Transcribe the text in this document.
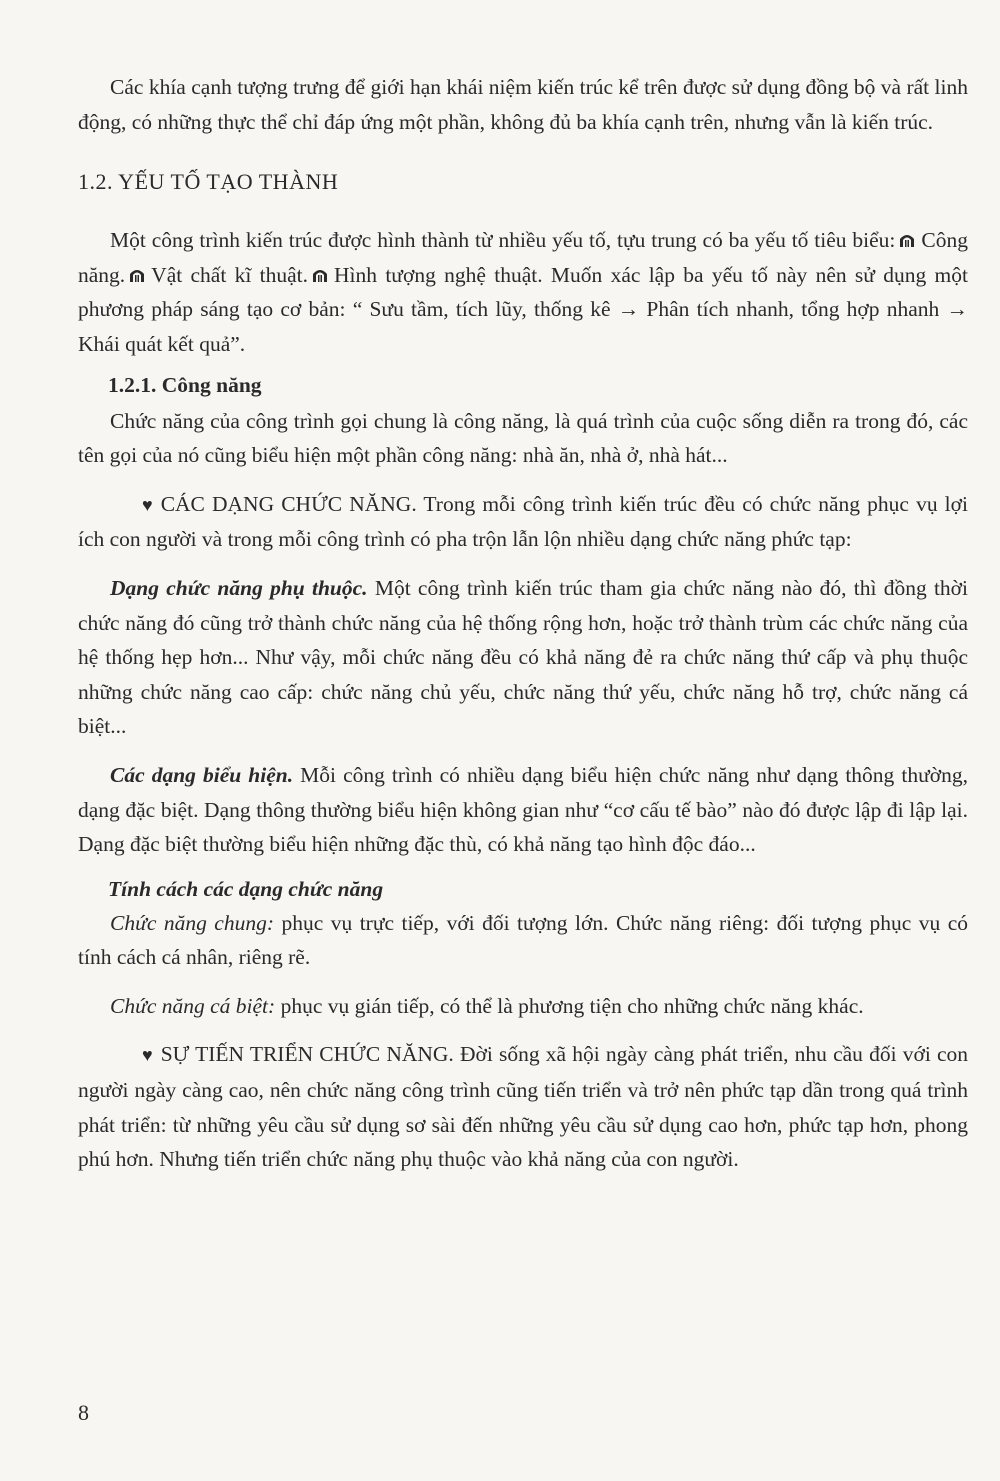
Các khía cạnh tượng trưng để giới hạn khái niệm kiến trúc kể trên được sử dụng đồng bộ và rất linh động, có những thực thể chỉ đáp ứng một phần, không đủ ba khía cạnh trên, nhưng vẫn là kiến trúc.

1.2. YẾU TỐ TẠO THÀNH

Một công trình kiến trúc được hình thành từ nhiều yếu tố, tựu trung có ba yếu tố tiêu biểu: Công năng. Vật chất kĩ thuật. Hình tượng nghệ thuật. Muốn xác lập ba yếu tố này nên sử dụng một phương pháp sáng tạo cơ bản: “ Sưu tầm, tích lũy, thống kê → Phân tích nhanh, tổng hợp nhanh → Khái quát kết quả”.

1.2.1. Công năng

Chức năng của công trình gọi chung là công năng, là quá trình của cuộc sống diễn ra trong đó, các tên gọi của nó cũng biểu hiện một phần công năng: nhà ăn, nhà ở, nhà hát...

♥ CÁC DẠNG CHỨC NĂNG. Trong mỗi công trình kiến trúc đều có chức năng phục vụ lợi ích con người và trong mỗi công trình có pha trộn lẫn lộn nhiều dạng chức năng phức tạp:

Dạng chức năng phụ thuộc. Một công trình kiến trúc tham gia chức năng nào đó, thì đồng thời chức năng đó cũng trở thành chức năng của hệ thống rộng hơn, hoặc trở thành trùm các chức năng của hệ thống hẹp hơn... Như vậy, mỗi chức năng đều có khả năng đẻ ra chức năng thứ cấp và phụ thuộc những chức năng cao cấp: chức năng chủ yếu, chức năng thứ yếu, chức năng hỗ trợ, chức năng cá biệt...

Các dạng biểu hiện. Mỗi công trình có nhiều dạng biểu hiện chức năng như dạng thông thường, dạng đặc biệt. Dạng thông thường biểu hiện không gian như “cơ cấu tế bào” nào đó được lập đi lập lại. Dạng đặc biệt thường biểu hiện những đặc thù, có khả năng tạo hình độc đáo...

Tính cách các dạng chức năng

Chức năng chung: phục vụ trực tiếp, với đối tượng lớn. Chức năng riêng: đối tượng phục vụ có tính cách cá nhân, riêng rẽ.

Chức năng cá biệt: phục vụ gián tiếp, có thể là phương tiện cho những chức năng khác.

♥ SỰ TIẾN TRIỂN CHỨC NĂNG. Đời sống xã hội ngày càng phát triển, nhu cầu đối với con người ngày càng cao, nên chức năng công trình cũng tiến triển và trở nên phức tạp dần trong quá trình phát triển: từ những yêu cầu sử dụng sơ sài đến những yêu cầu sử dụng cao hơn, phức tạp hơn, phong phú hơn. Nhưng tiến triển chức năng phụ thuộc vào khả năng của con người.

8
